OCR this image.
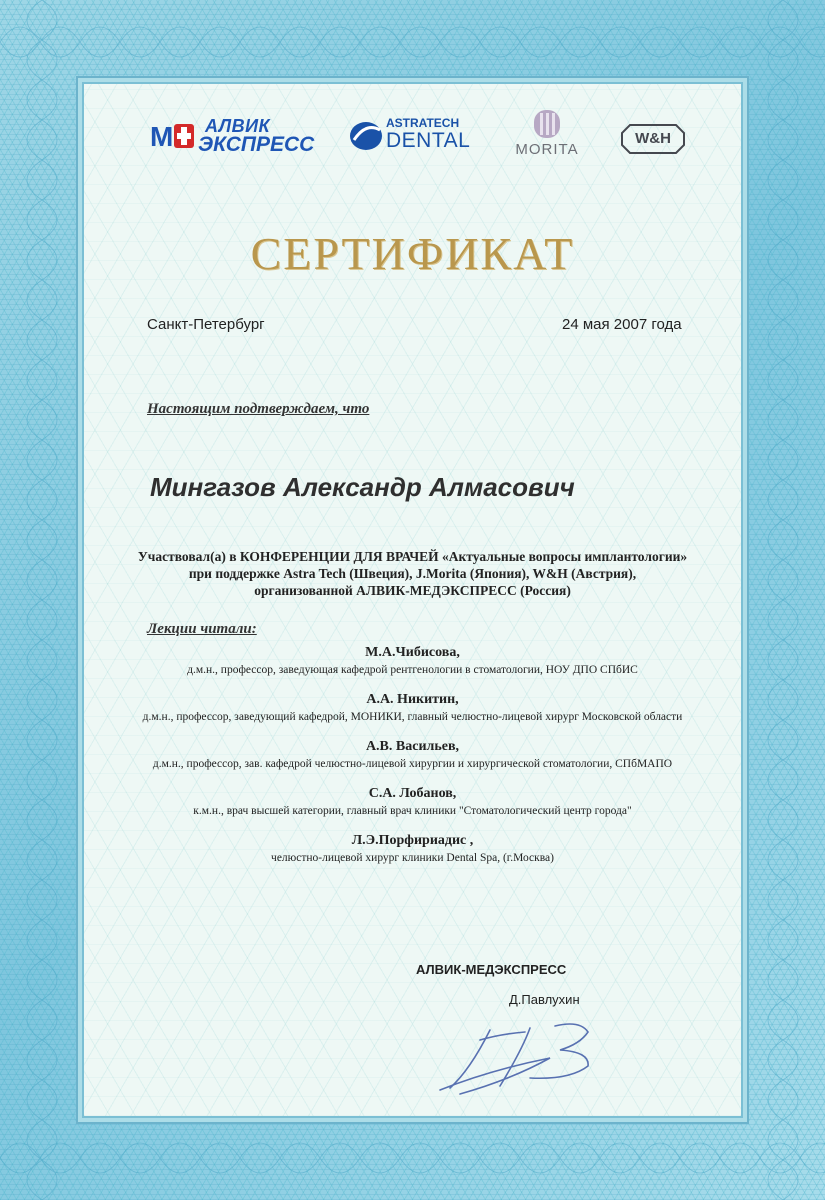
M АЛВИК
ЭКСПРЕСС
ASTRATECH
DENTAL	MORITA
W&H
СЕРТИФИКАТ
Санкт-Петербург	24 мая 2007 года
Настоящим подтверждаем, что
Мингазов Александр Алмасович
Участвовал(а) в КОНФЕРЕНЦИИ ДЛЯ ВРАЧЕЙ «Актуальные вопросы имплантологии»
при поддержке Astra Tech (Швеция), J.Morita (Япония), W&H (Австрия),
организованной АЛВИК-МЕДЭКСПРЕСС (Россия)
Лекции читали:
М.А.Чибисова,
д.м.н., профессор, заведующая кафедрой рентгенологии в стоматологии, НОУ ДПО СПбИС
А.А. Никитин,
д.м.н., профессор, заведующий кафедрой, МОНИКИ, главный челюстно-лицевой хирург Московской области
А.В. Васильев,
д.м.н., профессор, зав. кафедрой челюстно-лицевой хирургии и хирургической стоматологии, СПбМАПО
С.А. Лобанов,
к.м.н., врач высшей категории, главный врач клиники "Стоматологический центр города"
Л.Э.Порфириадис ,
челюстно-лицевой хирург клиники Dental Spa, (г.Москва)
АЛВИК-МЕДЭКСПРЕСС
Д.Павлухин
